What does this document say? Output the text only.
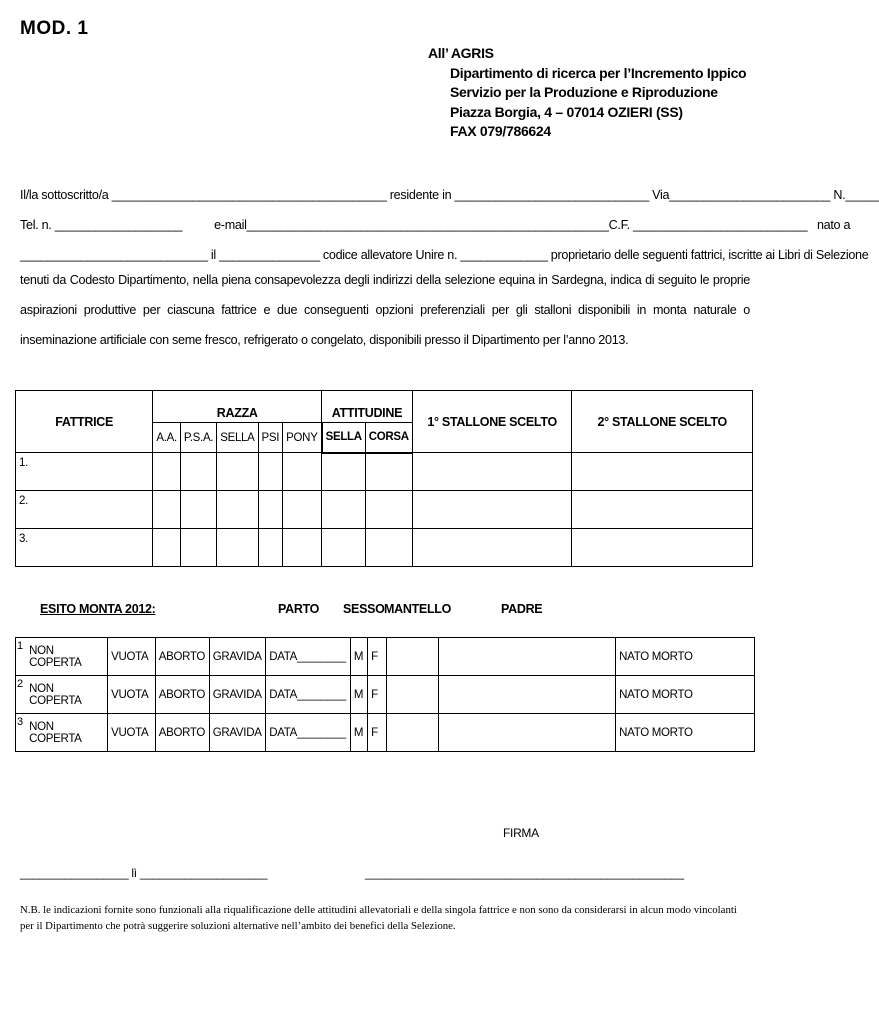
MOD. 1
All’ AGRIS
Dipartimento di ricerca per l’Incremento Ippico
Servizio per la Produzione e Riproduzione
Piazza Borgia, 4 – 07014 OZIERI (SS)
FAX 079/786624
Il/la sottoscritto/a _________________________________________ residente in _____________________________ Via________________________ N._____
Tel. n. ___________________	e-mail______________________________________________________C.F. __________________________ nato a
____________________________ il _______________ codice allevatore Unire n. _____________ proprietario delle seguenti fattrici, iscritte ai Libri di Selezione
tenuti da Codesto Dipartimento, nella piena consapevolezza degli indirizzi della selezione equina in Sardegna, indica di seguito le proprie aspirazioni produttive per ciascuna fattrice e due conseguenti opzioni preferenziali per gli stalloni disponibili in monta naturale o inseminazione artificiale con seme fresco, refrigerato o congelato, disponibili presso il Dipartimento per l’anno 2013.
FATTRICE	RAZZA					ATTITUDINE		1° STALLONE SCELTO	2° STALLONE SCELTO
	A.A.	P.S.A.	SELLA	PSI	PONY	SELLA	CORSA		
1.									
2.									
3.									
ESITO MONTA 2012:	PARTO SESSO MANTELLO	PADRE
1	NON COPERTA	VUOTA	ABORTO	GRAVIDA	DATA________	M	F			NATO MORTO
2	NON COPERTA	VUOTA	ABORTO	GRAVIDA	DATA________	M	F			NATO MORTO
3	NON COPERTA	VUOTA	ABORTO	GRAVIDA	DATA________	M	F			NATO MORTO
FIRMA
_________________ lì ____________________	__________________________________________________
N.B. le indicazioni fornite sono funzionali alla riqualificazione delle attitudini allevatoriali e della singola fattrice e non sono da considerarsi in alcun modo vincolanti per il Dipartimento che potrà suggerire soluzioni alternative nell’ambito dei benefici della Selezione.
